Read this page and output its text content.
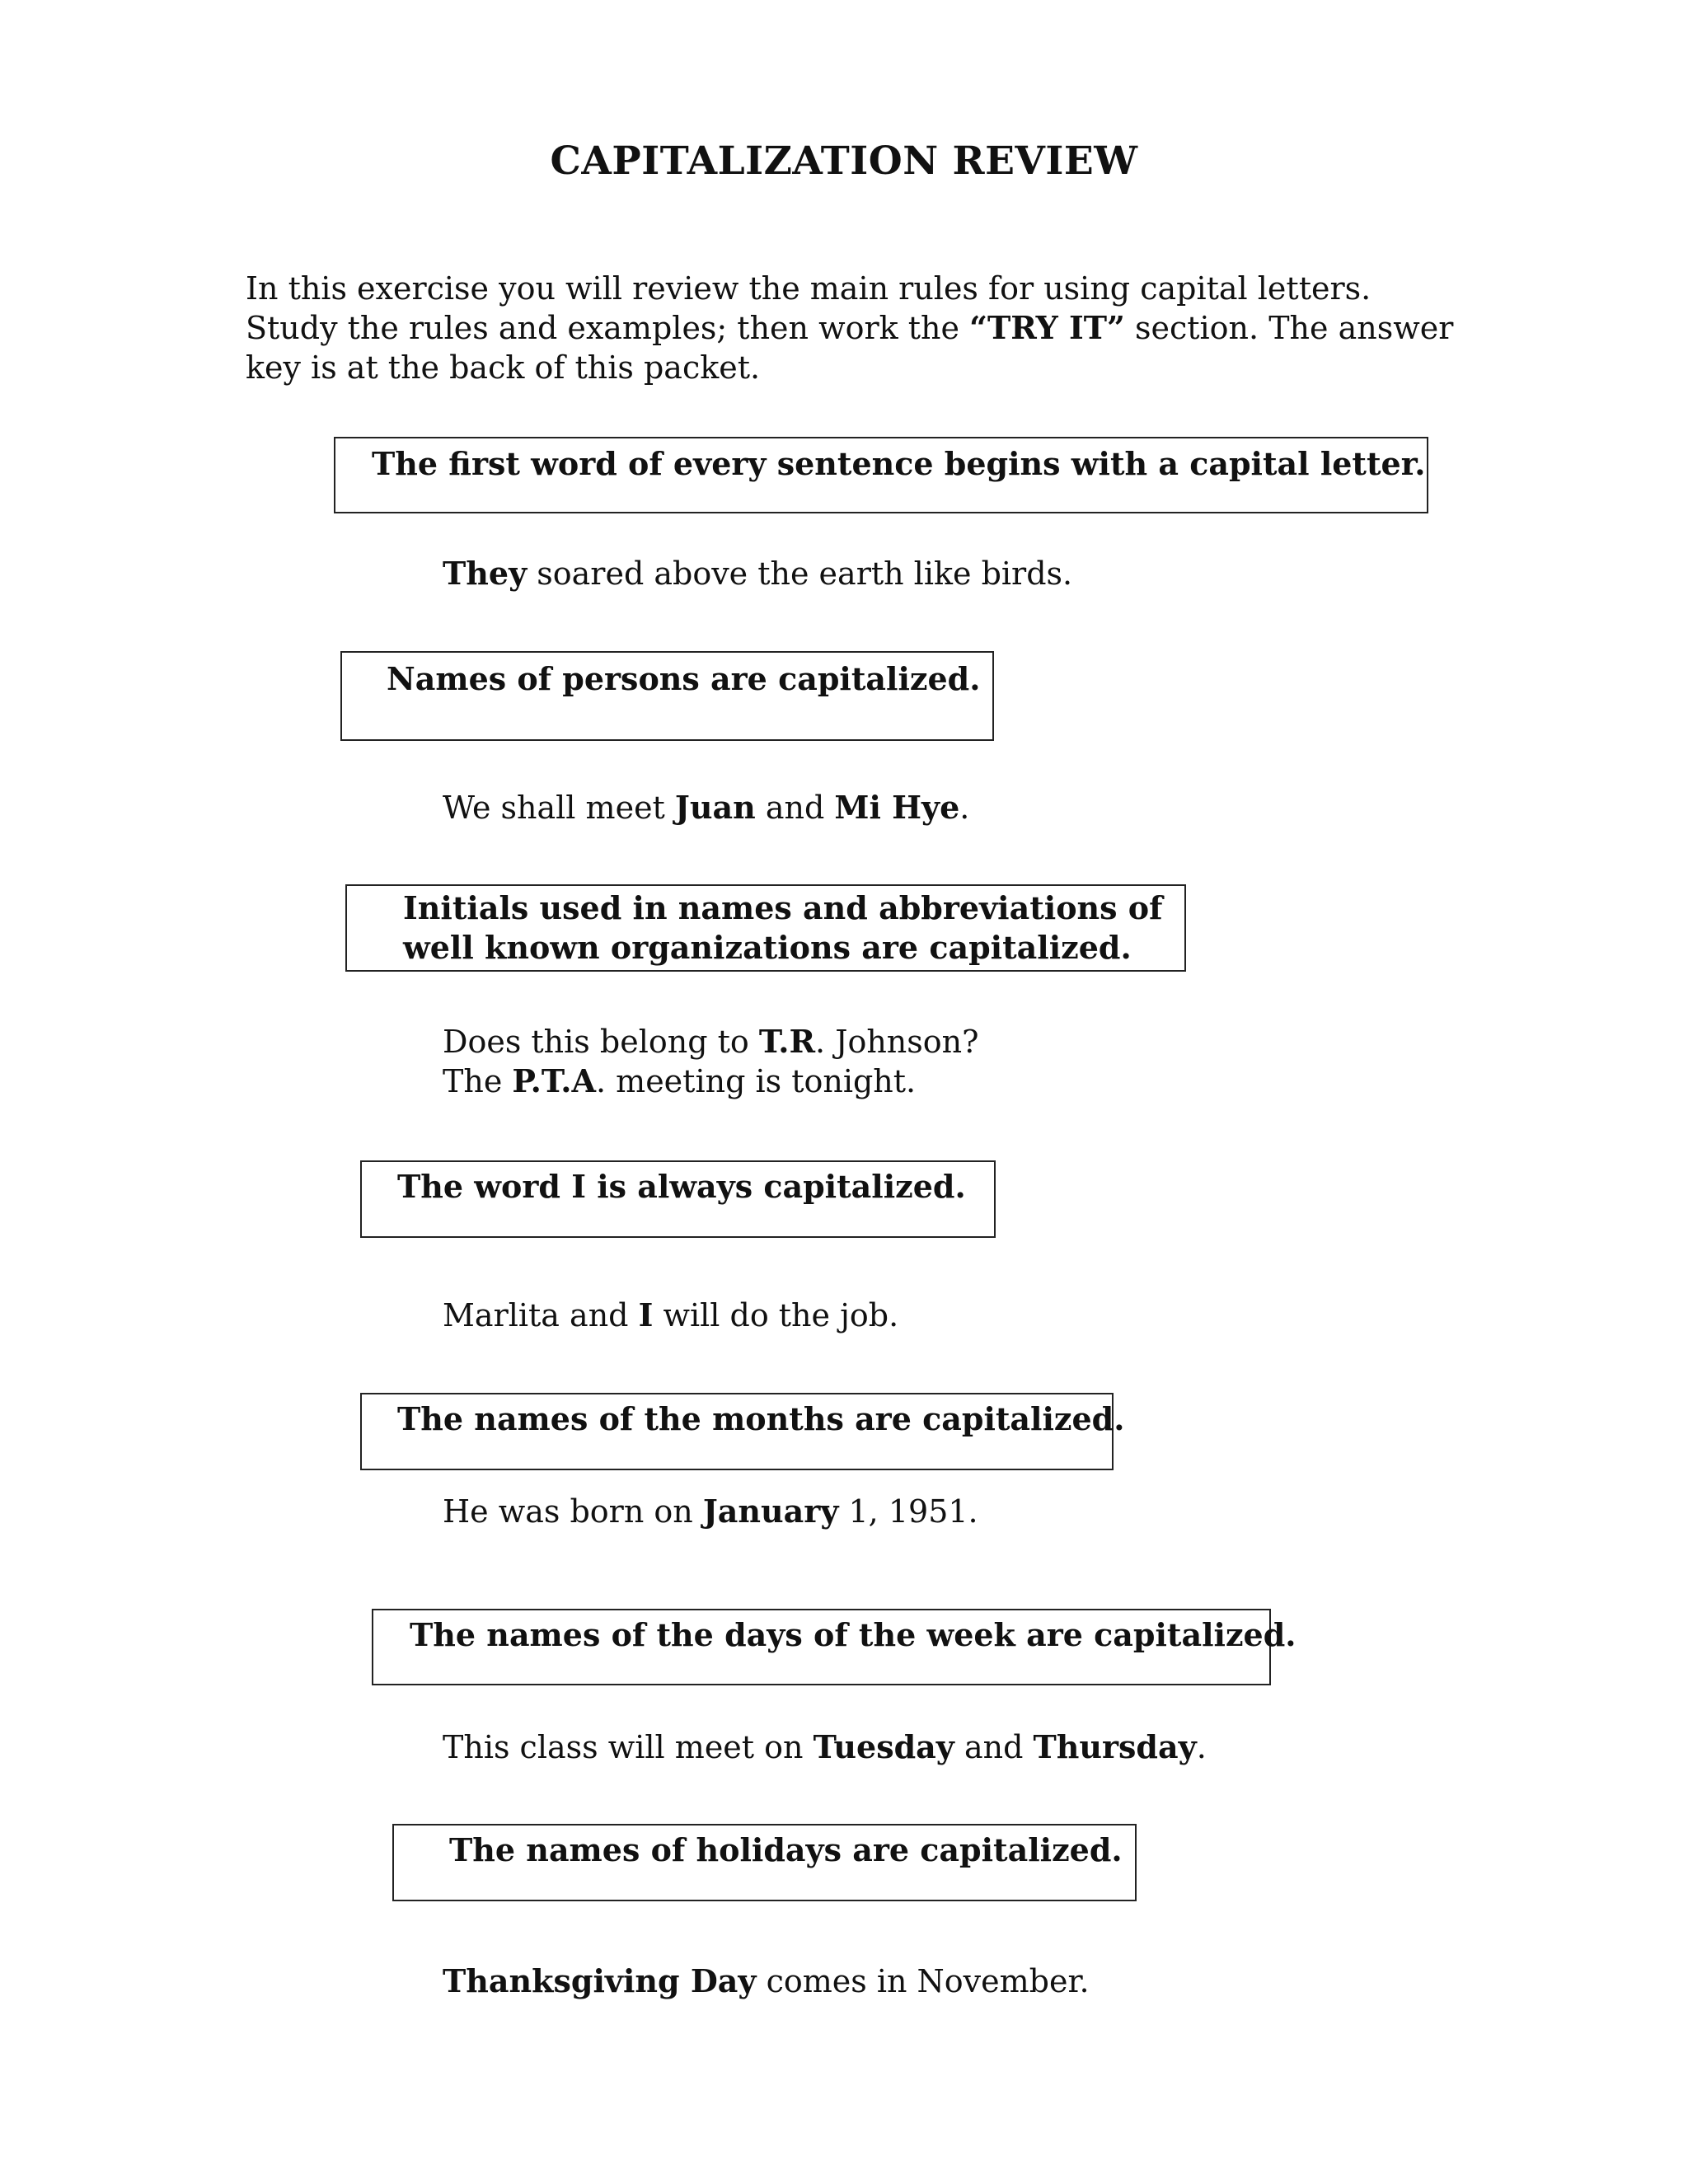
CAPITALIZATION REVIEW

In this exercise you will review the main rules for using capital letters.

Study the rules and examples; then work the “TRY IT” section. The answer

key is at the back of this packet.

The first word of every sentence begins with a capital letter.

They soared above the earth like birds.

Names of persons are capitalized.

We shall meet Juan and Mi Hye.

Initials used in names and abbreviations of
well known organizations are capitalized.

Does this belong to T.R. Johnson?

The P.T.A. meeting is tonight.

The word I is always capitalized.

Marlita and I will do the job.

The names of the months are capitalized.

He was born on January 1, 1951.

The names of the days of the week are capitalized.

This class will meet on Tuesday and Thursday.

The names of holidays are capitalized.

Thanksgiving Day comes in November.
